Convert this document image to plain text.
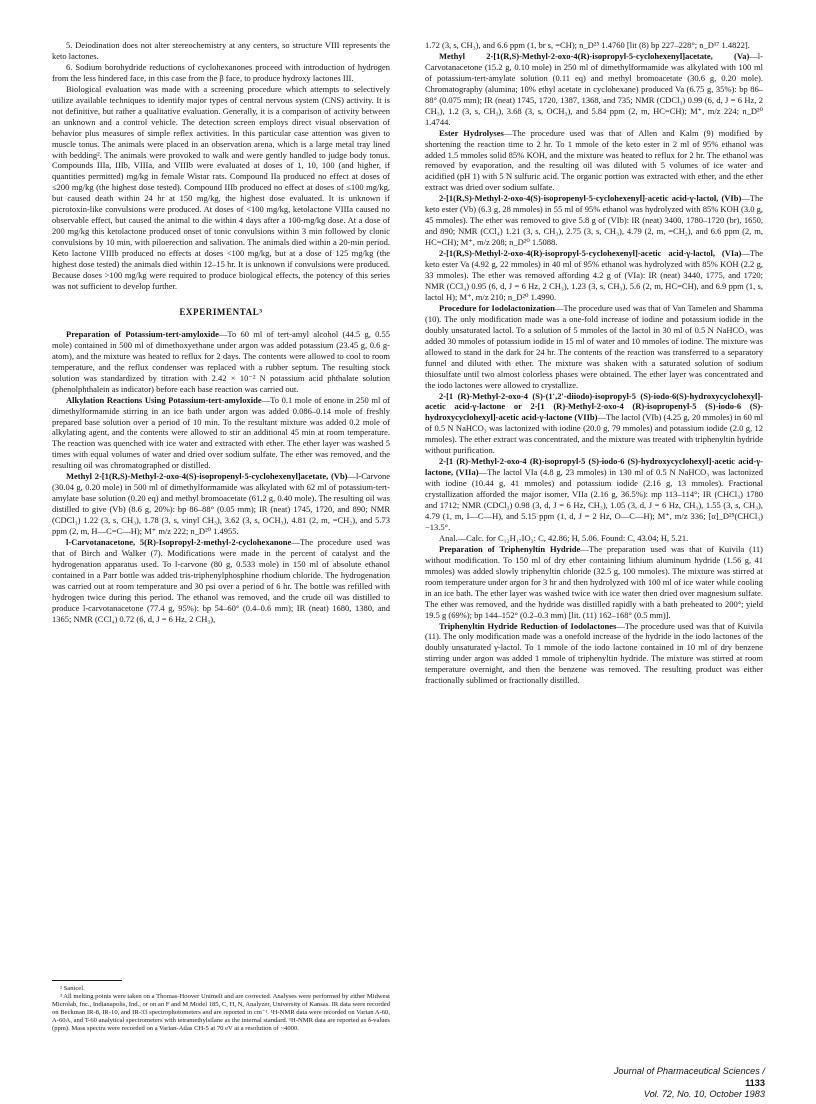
5. Deiodination does not alter stereochemistry at any centers, so structure VIII represents the keto lactones.

6. Sodium borohydride reductions of cyclohexanones proceed with introduction of hydrogen from the less hindered face, in this case from the β face, to produce hydroxy lactones III.

Biological evaluation was made with a screening procedure which attempts to selectively utilize available techniques to identify major types of central nervous system (CNS) activity. It is not definitive, but rather a qualitative evaluation. Generally, it is a comparison of activity between an unknown and a control vehicle. The detection screen employs direct visual observation of behavior plus measures of simple reflex activities. In this particular case attention was given to muscle tonus. The animals were placed in an observation arena, which is a large metal tray lined with bedding². The animals were provoked to walk and were gently handled to judge body tonus. Compounds IIIa, IIIb, VIIIa, and VIIIb were evaluated at doses of 1, 10, 100 (and higher, if quantities permitted) mg/kg in female Wistar rats. Compound IIa produced no effect at doses of ≤200 mg/kg (the highest dose tested). Compound IIIb produced no effect at doses of ≤100 mg/kg, but caused death within 24 hr at 150 mg/kg, the highest dose evaluated. It is unknown if picrotoxin-like convulsions were produced. At doses of <100 mg/kg, ketolactone VIIIa caused no observable effect, but caused the animal to die within 4 days after a 100-mg/kg dose. At a dose of 200 mg/kg this ketolactone produced onset of tonic convulsions within 3 min followed by clonic convulsions by 10 min, with piloerection and salivation. The animals died within a 20-min period. Keto lactone VIIIb produced no effects at doses <100 mg/kg, but at a dose of 125 mg/kg (the highest dose tested) the animals died within 12–15 hr. It is unknown if convulsions were produced. Because doses >100 mg/kg were required to produce biological effects, the potency of this series was not sufficient to develop further.

EXPERIMENTAL³

Preparation of Potassium-tert-amyloxide—To 60 ml of tert-amyl alcohol (44.5 g, 0.55 mole) contained in 500 ml of dimethoxyethane under argon was added potassium (23.45 g, 0.6 g-atom), and the mixture was heated to reflux for 2 days. The contents were allowed to cool to room temperature, and the reflux condenser was replaced with a rubber septum. The resulting stock solution was standardized by titration with 2.42 × 10⁻² N potassium acid phthalate solution (phenolphthalein as indicator) before each base reaction was carried out.

Alkylation Reactions Using Potassium-tert-amyloxide—To 0.1 mole of enone in 250 ml of dimethylformamide stirring in an ice bath under argon was added 0.086–0.14 mole of freshly prepared base solution over a period of 10 min. To the resultant mixture was added 0.2 mole of alkylating agent, and the contents were allowed to stir an additional 45 min at room temperature. The reaction was quenched with ice water and extracted with ether. The ether layer was washed 5 times with equal volumes of water and dried over sodium sulfate. The ether was removed, and the resulting oil was chromatographed or distilled.

Methyl 2-[1(R,S)-Methyl-2-oxo-4(S)-isopropenyl-5-cyclohexenyl]acetate, (Vb)—l-Carvone (30.04 g, 0.20 mole) in 500 ml of dimethylformamide was alkylated with 62 ml of potassium-tert-amylate base solution (0.20 eq) and methyl bromoacetate (61.2 g, 0.40 mole). The resulting oil was distilled to give (Vb) (8.6 g, 20%): bp 86–88° (0.05 mm); IR (neat) 1745, 1720, and 890; NMR (CDCl₃) 1.22 (3, s, CH₃), 1.78 (3, s, vinyl CH₃), 3.62 (3, s, OCH₃), 4.81 (2, m, =CH₂), and 5.73 ppm (2, m, H—C=C—H); M⁺ m/z 222; n_D²⁰ 1.4955.

l-Carvotanacetone, 5(R)-Isopropyl-2-methyl-2-cyclohexanone—The procedure used was that of Birch and Walker (7). Modifications were made in the percent of catalyst and the hydrogenation apparatus used. To l-carvone (80 g, 0.533 mole) in 150 ml of absolute ethanol contained in a Parr bottle was added tris-triphenylphosphine rhodium chloride. The hydrogenation was carried out at room temperature and 30 psi over a period of 6 hr. The bottle was refilled with hydrogen twice during this period. The ethanol was removed, and the crude oil was distilled to produce l-carvotanacetone (77.4 g, 95%): bp 54–60° (0.4–0.6 mm); IR (neat) 1680, 1380, and 1365; NMR (CCl₄) 0.72 (6, d, J = 6 Hz, 2 CH₃),

² Sanicel.

³ All melting points were taken on a Thomas-Hoover Unimelt and are corrected. Analyses were performed by either Midwest Microlab, Inc., Indianapolis, Ind., or on an F and M Model 185, C, H, N, Analyzer, University of Kansas. IR data were recorded on Beckman IR-8, IR-10, and IR-33 spectrophotometers and are reported in cm⁻¹. ¹H-NMR data were recorded on Varian A-60, A-60A, and T-60 analytical spectrometers with tetramethylsilane as the internal standard. ¹H-NMR data are reported as δ-values (ppm). Mass spectra were recorded on a Varian-Atlas CH-5 at 70 eV at a resolution of ~4000.

1.72 (3, s, CH₃), and 6.6 ppm (1, br s, =CH); n_D²⁵ 1.4760 [lit (8) bp 227–228°; n_D¹⁷ 1.4822].

Methyl 2-[1(R,S)-Methyl-2-oxo-4(R)-isopropyl-5-cyclohexenyl]acetate, (Va)—l-Carvotanacetone (15.2 g, 0.10 mole) in 250 ml of dimethylformamide was alkylated with 100 ml of potassium-tert-amylate solution (0.11 eq) and methyl bromoacetate (30.6 g, 0.20 mole). Chromatography (alumina; 10% ethyl acetate in cyclohexane) produced Va (6.75 g, 35%): bp 86–88° (0.075 mm); IR (neat) 1745, 1720, 1387, 1368, and 735; NMR (CDCl₃) 0.99 (6, d, J = 6 Hz, 2 CH₃), 1.2 (3, s, CH₃), 3.68 (3, s, OCH₃), and 5.84 ppm (2, m, HC=CH); M⁺, m/z 224; n_D²⁰ 1.4744.

Ester Hydrolyses—The procedure used was that of Allen and Kalm (9) modified by shortening the reaction time to 2 hr. To 1 mmole of the keto ester in 2 ml of 95% ethanol was added 1.5 mmoles solid 85% KOH, and the mixture was heated to reflux for 2 hr. The ethanol was removed by evaporation, and the resulting oil was diluted with 5 volumes of ice water and acidified (pH 1) with 5 N sulfuric acid. The organic portion was extracted with ether, and the ether extract was dried over sodium sulfate.

2-[1(R,S)-Methyl-2-oxo-4(S)-isopropenyl-5-cyclohexenyl]-acetic acid-γ-lactol, (VIb)—The keto ester (Vb) (6.3 g, 28 mmoles) in 55 ml of 95% ethanol was hydrolyzed with 85% KOH (3.0 g, 45 mmoles). The ether was removed to give 5.8 g of (VIb): IR (neat) 3400, 1780–1720 (br), 1650, and 890; NMR (CCl₄) 1.21 (3, s, CH₃), 2.75 (3, s, CH₃), 4.79 (2, m, =CH₂), and 6.6 ppm (2, m, HC=CH); M⁺, m/z 208; n_D²⁰ 1.5088.

2-[1(R,S)-Methyl-2-oxo-4(R)-isopropyl-5-cyclohexenyl]-acetic acid-γ-lactol, (VIa)—The keto ester Va (4.92 g, 22 mmoles) in 40 ml of 95% ethanol was hydrolyzed with 85% KOH (2.2 g, 33 mmoles). The ether was removed affording 4.2 g of (VIa): IR (neat) 3440, 1775, and 1720; NMR (CCl₄) 0.95 (6, d, J = 6 Hz, 2 CH₃), 1.23 (3, s, CH₃), 5.6 (2, m, HC=CH), and 6.9 ppm (1, s, lactol H); M⁺, m/z 210; n_D²⁰ 1.4990.

Procedure for Iodolactonization—The procedure used was that of Van Tamelen and Shamma (10). The only modification made was a one-fold increase of iodine and potassium iodide in the doubly unsaturated lactol. To a solution of 5 mmoles of the lactol in 30 ml of 0.5 N NaHCO₃ was added 30 mmoles of potassium iodide in 15 ml of water and 10 mmoles of iodine. The mixture was allowed to stand in the dark for 24 hr. The contents of the reaction was transferred to a separatory funnel and diluted with ether. The mixture was shaken with a saturated solution of sodium thiosulfate until two almost colorless phases were obtained. The ether layer was concentrated and the iodo lactones were allowed to crystallize.

2-[1 (R)-Methyl-2-oxo-4 (S)-(1′,2′-diiodo)-isopropyl-5 (S)-iodo-6(S)-hydroxycyclohexyl]-acetic acid-γ-lactone or 2-[1 (R)-Methyl-2-oxo-4 (R)-isopropenyl-5 (S)-iodo-6 (S)-hydroxycyclohexyl]-acetic acid-γ-lactone (VIIb)—The lactol (VIb) (4.25 g, 20 mmoles) in 60 ml of 0.5 N NaHCO₃ was lactonized with iodine (20.0 g, 79 mmoles) and potassium iodide (2.0 g, 12 mmoles). The ether extract was concentrated, and the mixture was treated with triphenyltin hydride without purification.

2-[1 (R)-Methyl-2-oxo-4 (R)-isopropyl-5 (S)-iodo-6 (S)-hydroxycyclohexyl]-acetic acid-γ-lactone, (VIIa)—The lactol VIa (4.8 g, 23 mmoles) in 130 ml of 0.5 N NaHCO₃ was lactonized with iodine (10.44 g, 41 mmoles) and potassium iodide (2.16 g, 13 mmoles). Fractional crystallization afforded the major isomer, VIIa (2.16 g, 36.5%): mp 113–114°; IR (CHCl₃) 1780 and 1712; NMR (CDCl₃) 0.98 (3, d, J = 6 Hz, CH₃), 1.05 (3, d, J = 6 Hz, CH₃), 1.55 (3, s, CH₃), 4.79 (1, m, I—C—H), and 5.15 ppm (1, d, J = 2 Hz, O—C—H); M⁺, m/z 336; [α]_D²⁵(CHCl₃) −13.5°.

Anal.—Calc. for C₁₂H₁₇IO₃: C, 42.86; H, 5.06. Found: C, 43.04; H, 5.21.

Preparation of Triphenyltin Hydride—The preparation used was that of Kuivila (11) without modification. To 150 ml of dry ether containing lithium aluminum hydride (1.56 g, 41 mmoles) was added slowly triphenyltin chloride (32.5 g, 100 mmoles). The mixture was stirred at room temperature under argon for 3 hr and then hydrolyzed with 100 ml of ice water while cooling in an ice bath. The ether layer was washed twice with ice water then dried over magnesium sulfate. The ether was removed, and the hydride was distilled rapidly with a bath preheated to 200°; yield 19.5 g (69%); bp 144–152° (0.2–0.3 mm) [lit. (11) 162–168° (0.5 mm)].

Triphenyltin Hydride Reduction of Iodolactones—The procedure used was that of Kuivila (11). The only modification made was a onefold increase of the hydride in the iodo lactones of the doubly unsaturated γ-lactol. To 1 mmole of the iodo lactone contained in 10 ml of dry benzene stirring under argon was added 1 mmole of triphenyltin hydride. The mixture was stirred at room temperature overnight, and then the benzene was removed. The resulting product was either fractionally sublimed or fractionally distilled.

Journal of Pharmaceutical Sciences / 1133
Vol. 72, No. 10, October 1983
